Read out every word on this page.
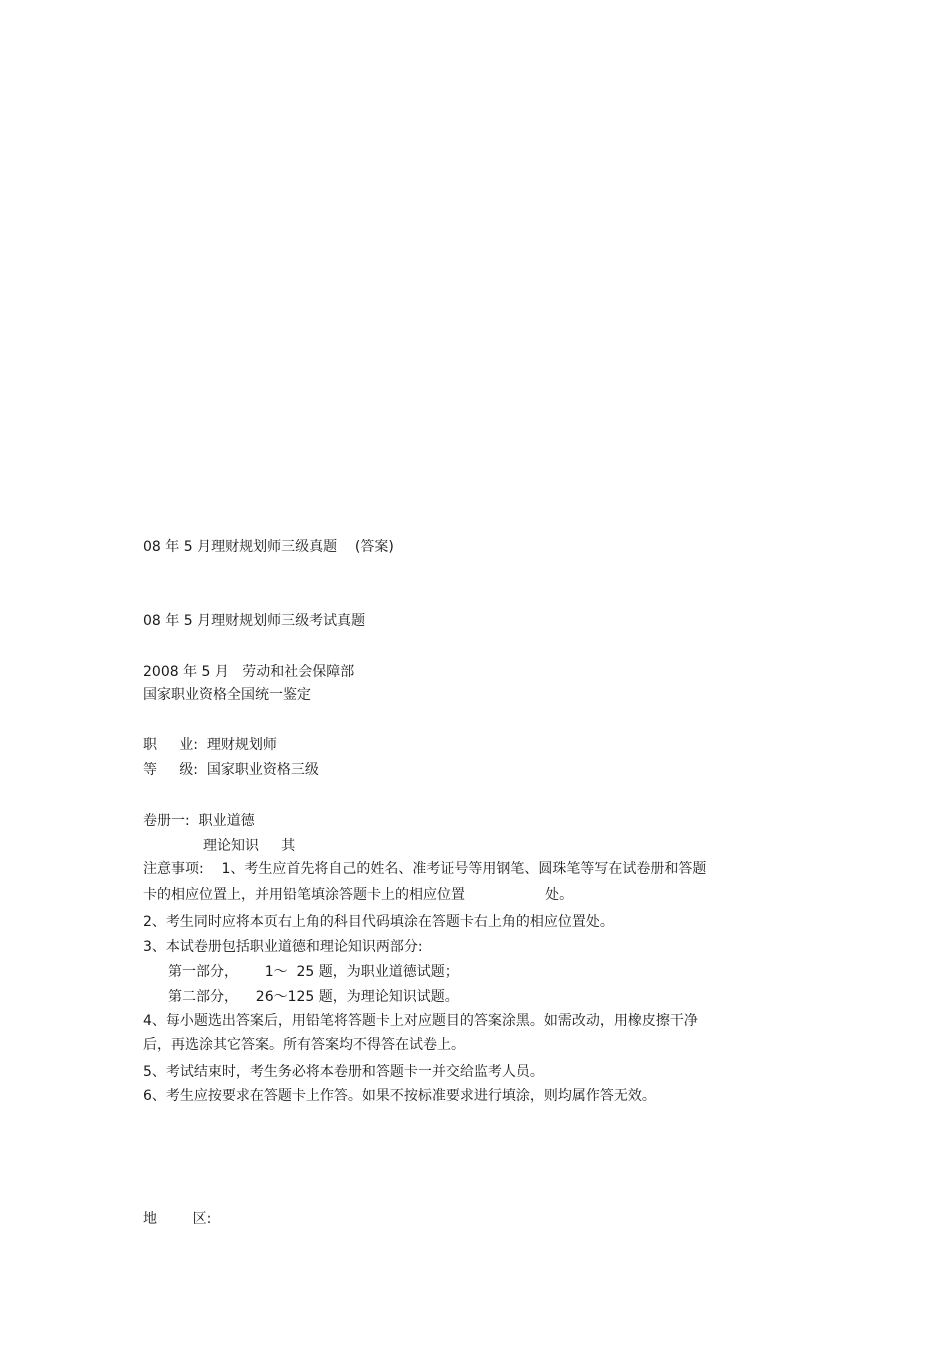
08 年 5 月理财规划师三级真题    (答案)
08 年 5 月理财规划师三级考试真题
2008 年 5 月   劳动和社会保障部
国家职业资格全国统一鉴定
职     业:  理财规划师
等     级:  国家职业资格三级
卷册一:  职业道德
理论知识     其
注意事项:    1、考生应首先将自己的姓名、准考证号等用钢笔、圆珠笔等写在试卷册和答题
卡的相应位置上，并用铅笔填涂答题卡上的相应位置                  处。
2、考生同时应将本页右上角的科目代码填涂在答题卡右上角的相应位置处。
3、本试卷册包括职业道德和理论知识两部分:
第一部分，      1～  25 题，为职业道德试题；
第二部分，    26～125 题，为理论知识试题。
4、每小题选出答案后，用铅笔将答题卡上对应题目的答案涂黑。如需改动，用橡皮擦干净
后，再选涂其它答案。所有答案均不得答在试卷上。
5、考试结束时，考生务必将本卷册和答题卡一并交给监考人员。
6、考生应按要求在答题卡上作答。如果不按标准要求进行填涂，则均属作答无效。
地        区:
